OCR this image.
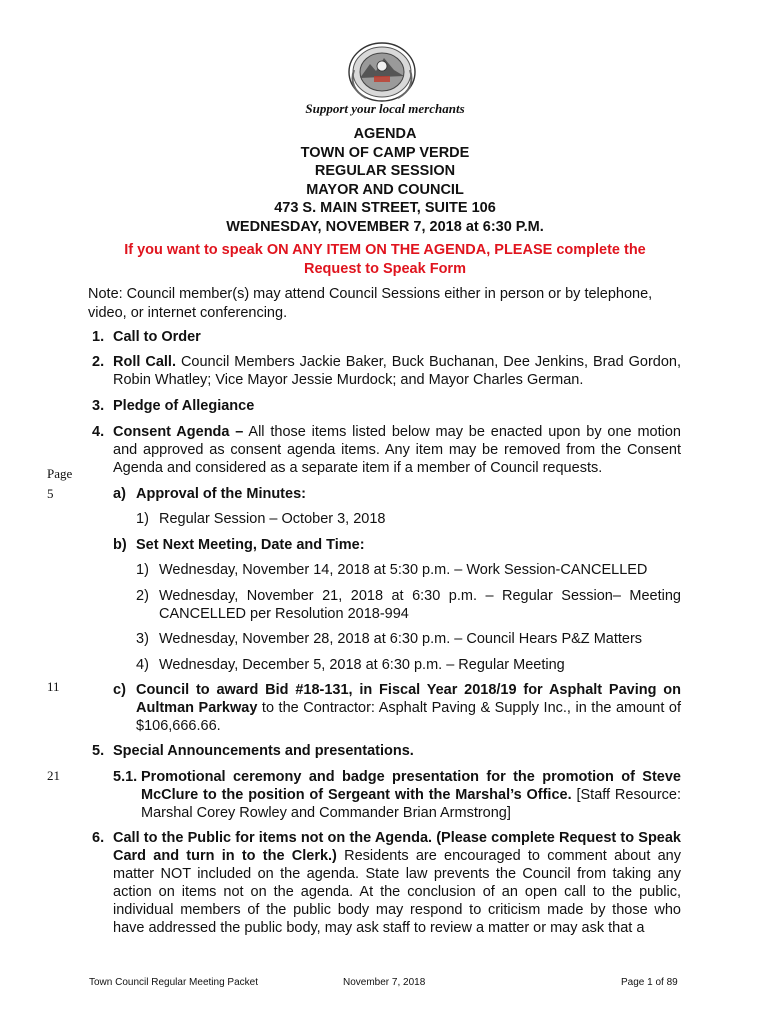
Support your local merchants
AGENDA
TOWN OF CAMP VERDE
REGULAR SESSION
MAYOR AND COUNCIL
473 S. MAIN STREET, SUITE 106
WEDNESDAY, NOVEMBER 7, 2018 at 6:30 P.M.
If you want to speak ON ANY ITEM ON THE AGENDA, PLEASE complete the Request to Speak Form
Note: Council member(s) may attend Council Sessions either in person or by telephone, video, or internet conferencing.
Page
5
11
21
1. Call to Order
2. Roll Call. Council Members Jackie Baker, Buck Buchanan, Dee Jenkins, Brad Gordon, Robin Whatley; Vice Mayor Jessie Murdock; and Mayor Charles German.
3. Pledge of Allegiance
4. Consent Agenda – All those items listed below may be enacted upon by one motion and approved as consent agenda items. Any item may be removed from the Consent Agenda and considered as a separate item if a member of Council requests.
a) Approval of the Minutes:
1) Regular Session – October 3, 2018
b) Set Next Meeting, Date and Time:
1) Wednesday, November 14, 2018 at 5:30 p.m. – Work Session-CANCELLED
2) Wednesday, November 21, 2018 at 6:30 p.m. – Regular Session– Meeting CANCELLED per Resolution 2018-994
3) Wednesday, November 28, 2018 at 6:30 p.m. – Council Hears P&Z Matters
4) Wednesday, December 5, 2018 at 6:30 p.m. – Regular Meeting
c) Council to award Bid #18-131, in Fiscal Year 2018/19 for Asphalt Paving on Aultman Parkway to the Contractor: Asphalt Paving & Supply Inc., in the amount of $106,666.66.
5. Special Announcements and presentations.
5.1. Promotional ceremony and badge presentation for the promotion of Steve McClure to the position of Sergeant with the Marshal’s Office. [Staff Resource: Marshal Corey Rowley and Commander Brian Armstrong]
6. Call to the Public for items not on the Agenda. (Please complete Request to Speak Card and turn in to the Clerk.) Residents are encouraged to comment about any matter NOT included on the agenda. State law prevents the Council from taking any action on items not on the agenda. At the conclusion of an open call to the public, individual members of the public body may respond to criticism made by those who have addressed the public body, may ask staff to review a matter or may ask that a
Town Council Regular Meeting Packet	November 7, 2018	Page 1 of 89
